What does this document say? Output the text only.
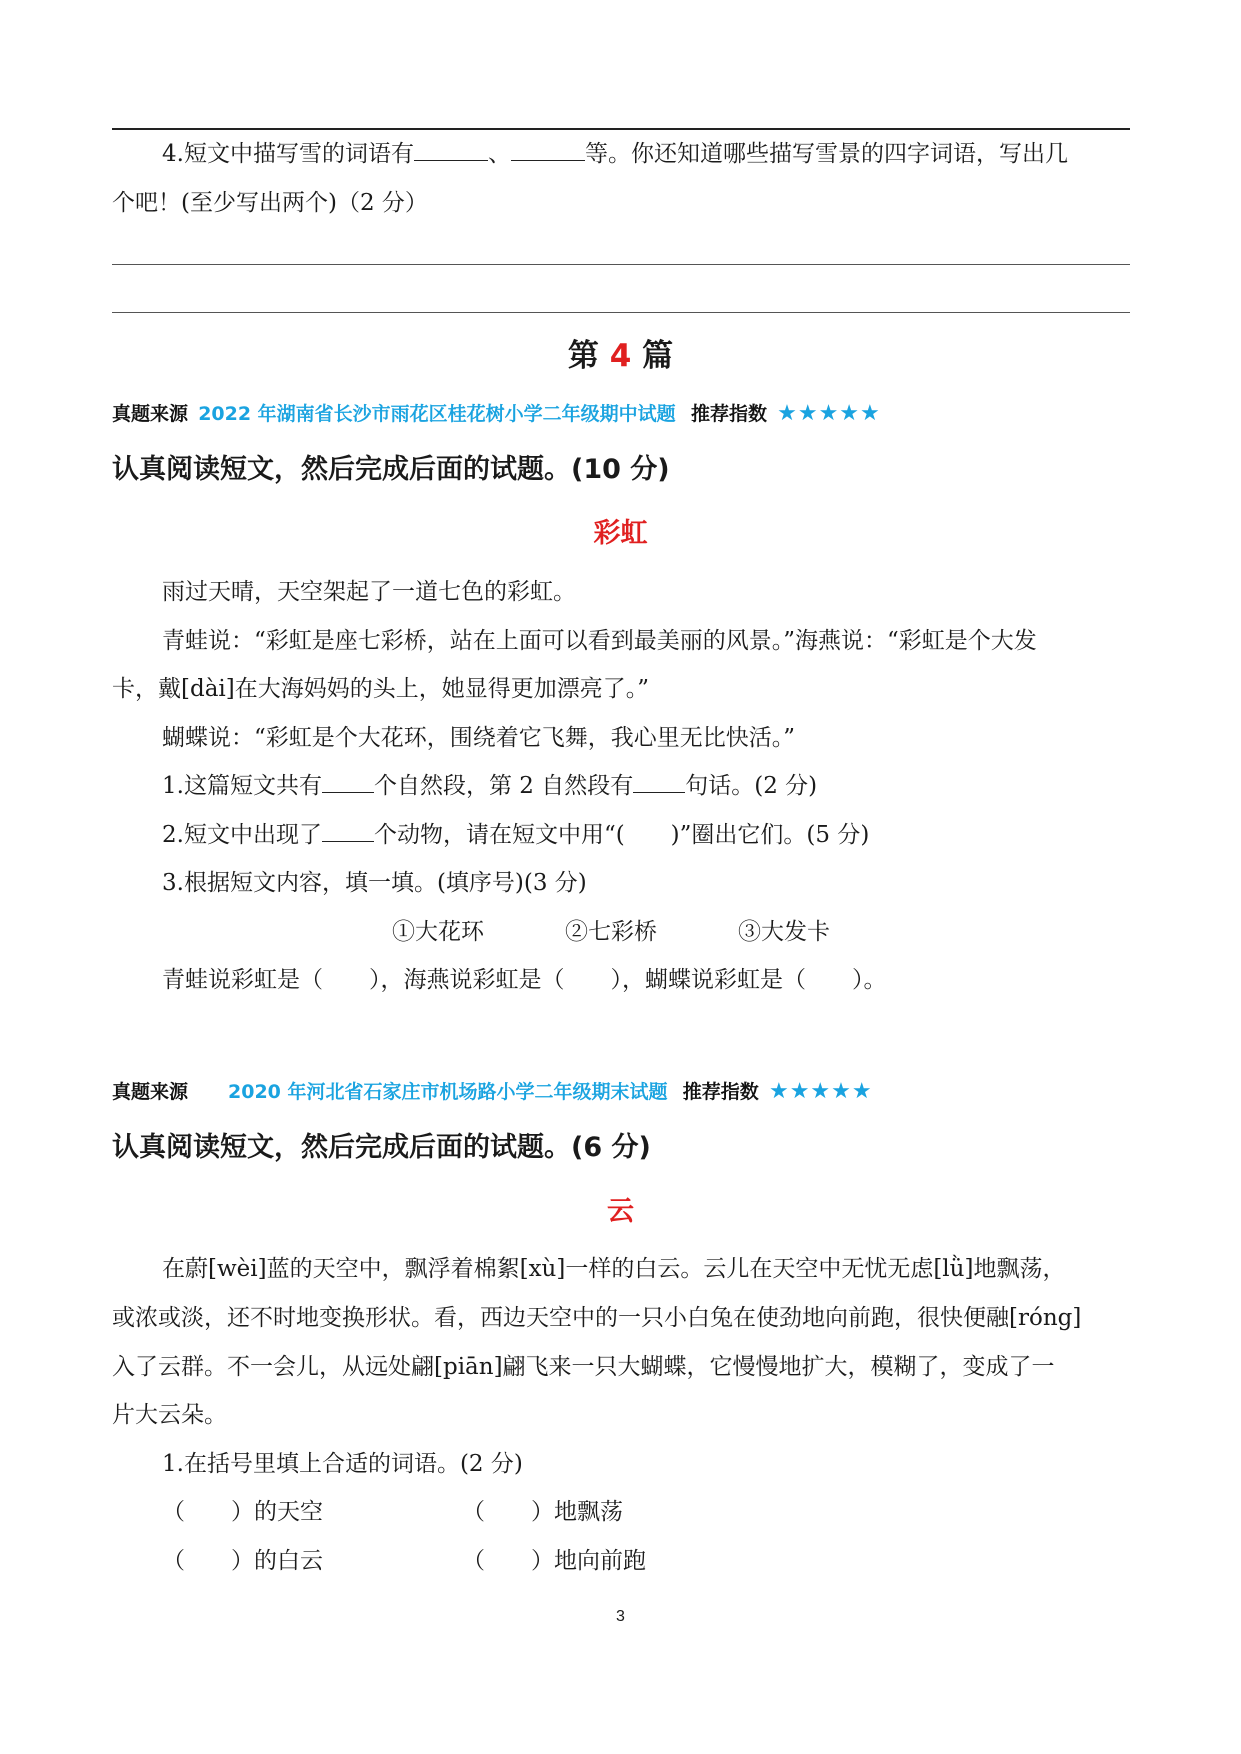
4.短文中描写雪的词语有	、	等。你还知道哪些描写雪景的四字词语，写出几
个吧！(至少写出两个)（2 分）
第 4 篇
真题来源 2022 年湖南省长沙市雨花区桂花树小学二年级期中试题 推荐指数 ★★★★★
认真阅读短文，然后完成后面的试题。(10 分)
彩虹
雨过天晴，天空架起了一道七色的彩虹。
青蛙说：“彩虹是座七彩桥，站在上面可以看到最美丽的风景。”海燕说：“彩虹是个大发
卡，戴[dài]在大海妈妈的头上，她显得更加漂亮了。”
蝴蝶说：“彩虹是个大花环，围绕着它飞舞，我心里无比快活。”
1.这篇短文共有 个自然段，第 2 自然段有 句话。(2 分)
2.短文中出现了 个动物，请在短文中用“(　　)”圈出它们。(5 分)
3.根据短文内容，填一填。(填序号)(3 分)
①大花环	②七彩桥	③大发卡
青蛙说彩虹是（　　），海燕说彩虹是（　　），蝴蝶说彩虹是（　　）。
真题来源 2020 年河北省石家庄市机场路小学二年级期末试题 推荐指数 ★★★★★
认真阅读短文，然后完成后面的试题。(6 分)
云
在蔚[wèi]蓝的天空中，飘浮着棉絮[xù]一样的白云。云儿在天空中无忧无虑[lǜ]地飘荡，
或浓或淡，还不时地变换形状。看，西边天空中的一只小白兔在使劲地向前跑，很快便融[róng]
入了云群。不一会儿，从远处翩[piān]翩飞来一只大蝴蝶，它慢慢地扩大，模糊了，变成了一
片大云朵。
1.在括号里填上合适的词语。(2 分)
（　　）的天空	（　　）地飘荡
（　　）的白云	（　　）地向前跑
3
